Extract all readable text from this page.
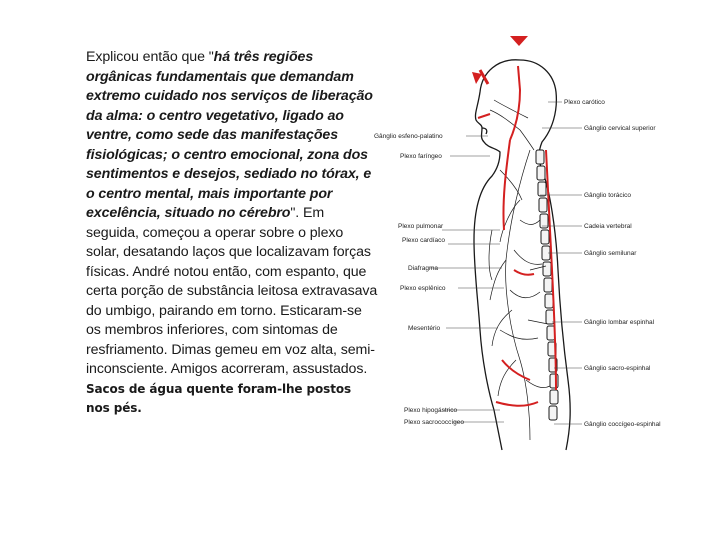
Explicou então que "há três regiões orgânicas fundamentais que demandam extremo cuidado nos serviços de liberação da alma: o centro vegetativo, ligado ao ventre, como sede das manifestações fisiológicas; o centro emocional, zona dos sentimentos e desejos, sediado no tórax, e o centro mental, mais importante por excelência, situado no cérebro". Em seguida, começou a operar sobre o plexo solar, desatando laços que localizavam forças físicas. André notou então, com espanto, que certa porção de substância leitosa extravasava do umbigo, pairando em torno. Esticaram-se os membros inferiores, com sintomas de resfriamento. Dimas gemeu em voz alta, semi-inconsciente. Amigos acorreram, assustados. Sacos de água quente foram-lhe postos nos pés.
Gânglio esfeno-palatino
Plexo faríngeo
Plexo pulmonar
Plexo cardíaco
Diafragma
Plexo esplênico
Mesentério
Plexo hipogástrico
Plexo sacrococcígeo
Plexo carótico
Gânglio cervical superior
Gânglio torácico
Cadeia vertebral
Gânglio semilunar
Gânglio lombar espinhal
Gânglio sacro-espinhal
Gânglio coccígeo-espinhal
